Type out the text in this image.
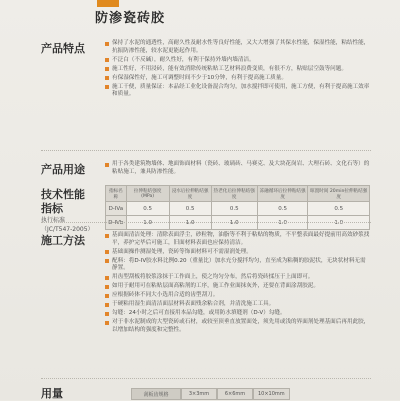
防渗瓷砖胶
产品特点	保持了水泥的通透性，高耐久性及耐水性等良好性能，又大大增强了其保水性能，保湿性能，粘结性能，抗振防渗性能，较水泥更能起作用。
不泛白（不反碱），耐久性好，有利于保持外墙内墙清洁。
施工性好，不用浸砖，能有效消除传统粘贴工艺材料浪费变质，有很不方，粘贴层空鼓等问题。
有保湿保性好，施工可调整时间不少于10分钟，有利于提高施工质量。
施工干便，质量保证：本品经工业化设备混合均匀，加水搅拌即可使用，施工方便，有利于提高施工效率和质量。
产品用途	用于各类建筑物墙体、地面饰面材料（瓷砖、玻璃砖、马赛克、及大块花岗岩、大理石砖、文化石等）的粘贴施工，兼具防渗性能。
技术性能
指标
执行标准
（JC/T547-2005）
指标名称	拉伸粘结强度 (MPa)	浸水后拉伸粘结强度	热老化后拉伸粘结强度	冻融循环后拉伸粘结强度	晾置时间 20min拉伸粘结强度
D-IVa	0.5	0.5	0.5	0.5	0.5
D-IVb	1.0	1.0	1.0	1.0	1.0
施工方法	基面面清洁处理：清除表面浮尘，砂粒物，油脂等不利于粘贴的物质，不平整表面最好提前用高效砂浆找平，养护完毕后可施工，旧面材料表面也应保持清洁。
基础面操作测湿处理，瓷砖等饰面材料可不需湿润处理。
配料：将D-IV胶水料比例0.20（重量比）加水充分搅拌均匀，直至成为粘稠的胶泥状，无块状材料无需静置。
用齿型刮板将胶浆涂抹于工作面上，使之均匀分布，然后将瓷砖揉压于上面即可。
如用于耐用可在粘贴层面高粘剂的工序，施工作业面抹灰外，还要在背面涂刮胶泥。
应根据砖体不同大小选用合适的齿型刮刀。
于硬粘用湿生面清洁面层材料表面残余粘合剂，并清洗施工工具。
勾缝：24小时之后可直接用本品勾缝，或用防水填缝剂（D-V）勾缝。
对于非水泥制成的大型瓷砖或石材，或较至顶垂直放置面处，须先用或浅的界面剂处理基面后再用此胶，以增加结构的强度和完整性。
用量	刮板齿规格	3×3mm	6×6mm	10×10mm
